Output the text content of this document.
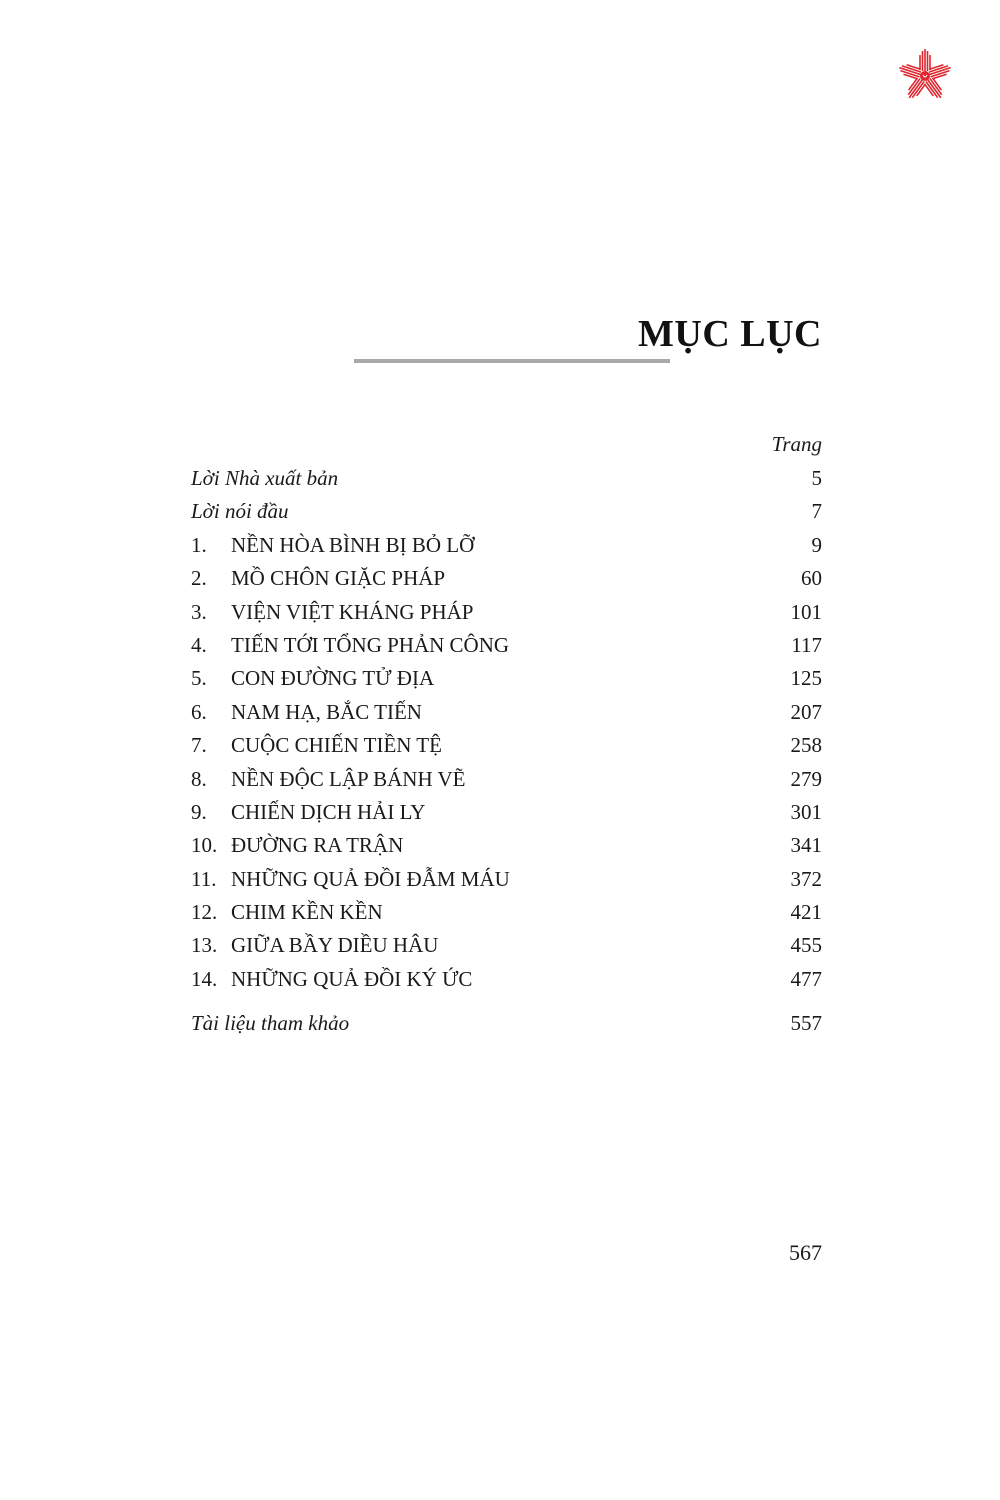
MỤC LỤC
Trang
Lời Nhà xuất bản	5
Lời nói đầu	7
1. NỀN HÒA BÌNH BỊ BỎ LỠ	9
2. MỒ CHÔN GIẶC PHÁP	60
3. VIỆN VIỆT KHÁNG PHÁP	101
4. TIẾN TỚI TỔNG PHẢN CÔNG	117
5. CON ĐƯỜNG TỬ ĐỊA	125
6. NAM HẠ, BẮC TIẾN	207
7. CUỘC CHIẾN TIỀN TỆ	258
8. NỀN ĐỘC LẬP BÁNH VẼ	279
9. CHIẾN DỊCH HẢI LY	301
10. ĐƯỜNG RA TRẬN	341
11. NHỮNG QUẢ ĐỒI ĐẪM MÁU	372
12. CHIM KỀN KỀN	421
13. GIỮA BẦY DIỀU HÂU	455
14. NHỮNG QUẢ ĐỒI KÝ ỨC	477
Tài liệu tham khảo	557
567
